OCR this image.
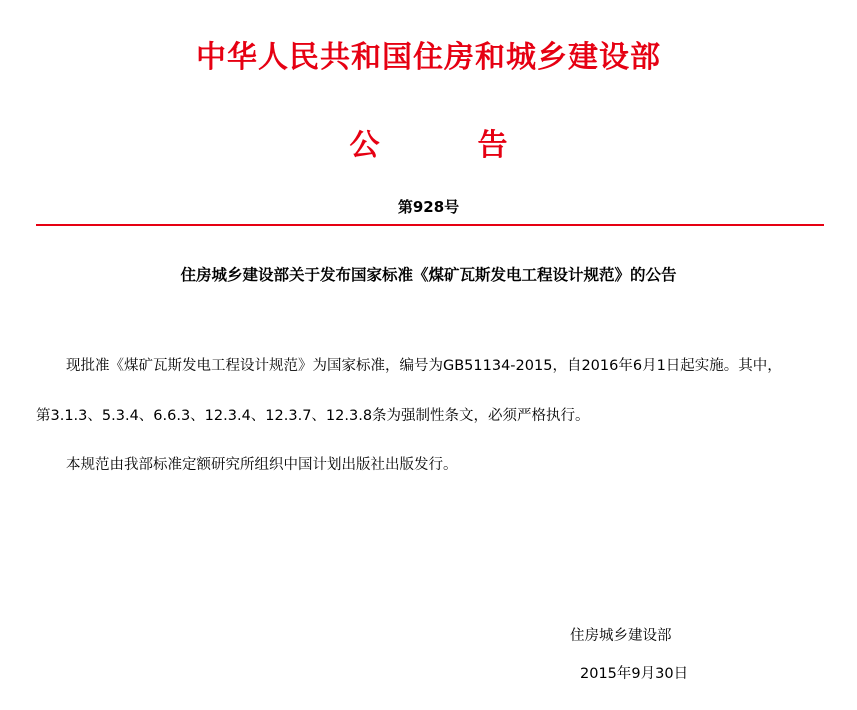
中华人民共和国住房和城乡建设部
公	告
第928号
住房城乡建设部关于发布国家标准《煤矿瓦斯发电工程设计规范》的公告
现批准《煤矿瓦斯发电工程设计规范》为国家标准，编号为GB51134-2015，自2016年6月1日起实施。其中，
第3.1.3、5.3.4、6.6.3、12.3.4、12.3.7、12.3.8条为强制性条文，必须严格执行。
本规范由我部标准定额研究所组织中国计划出版社出版发行。
住房城乡建设部
2015年9月30日
